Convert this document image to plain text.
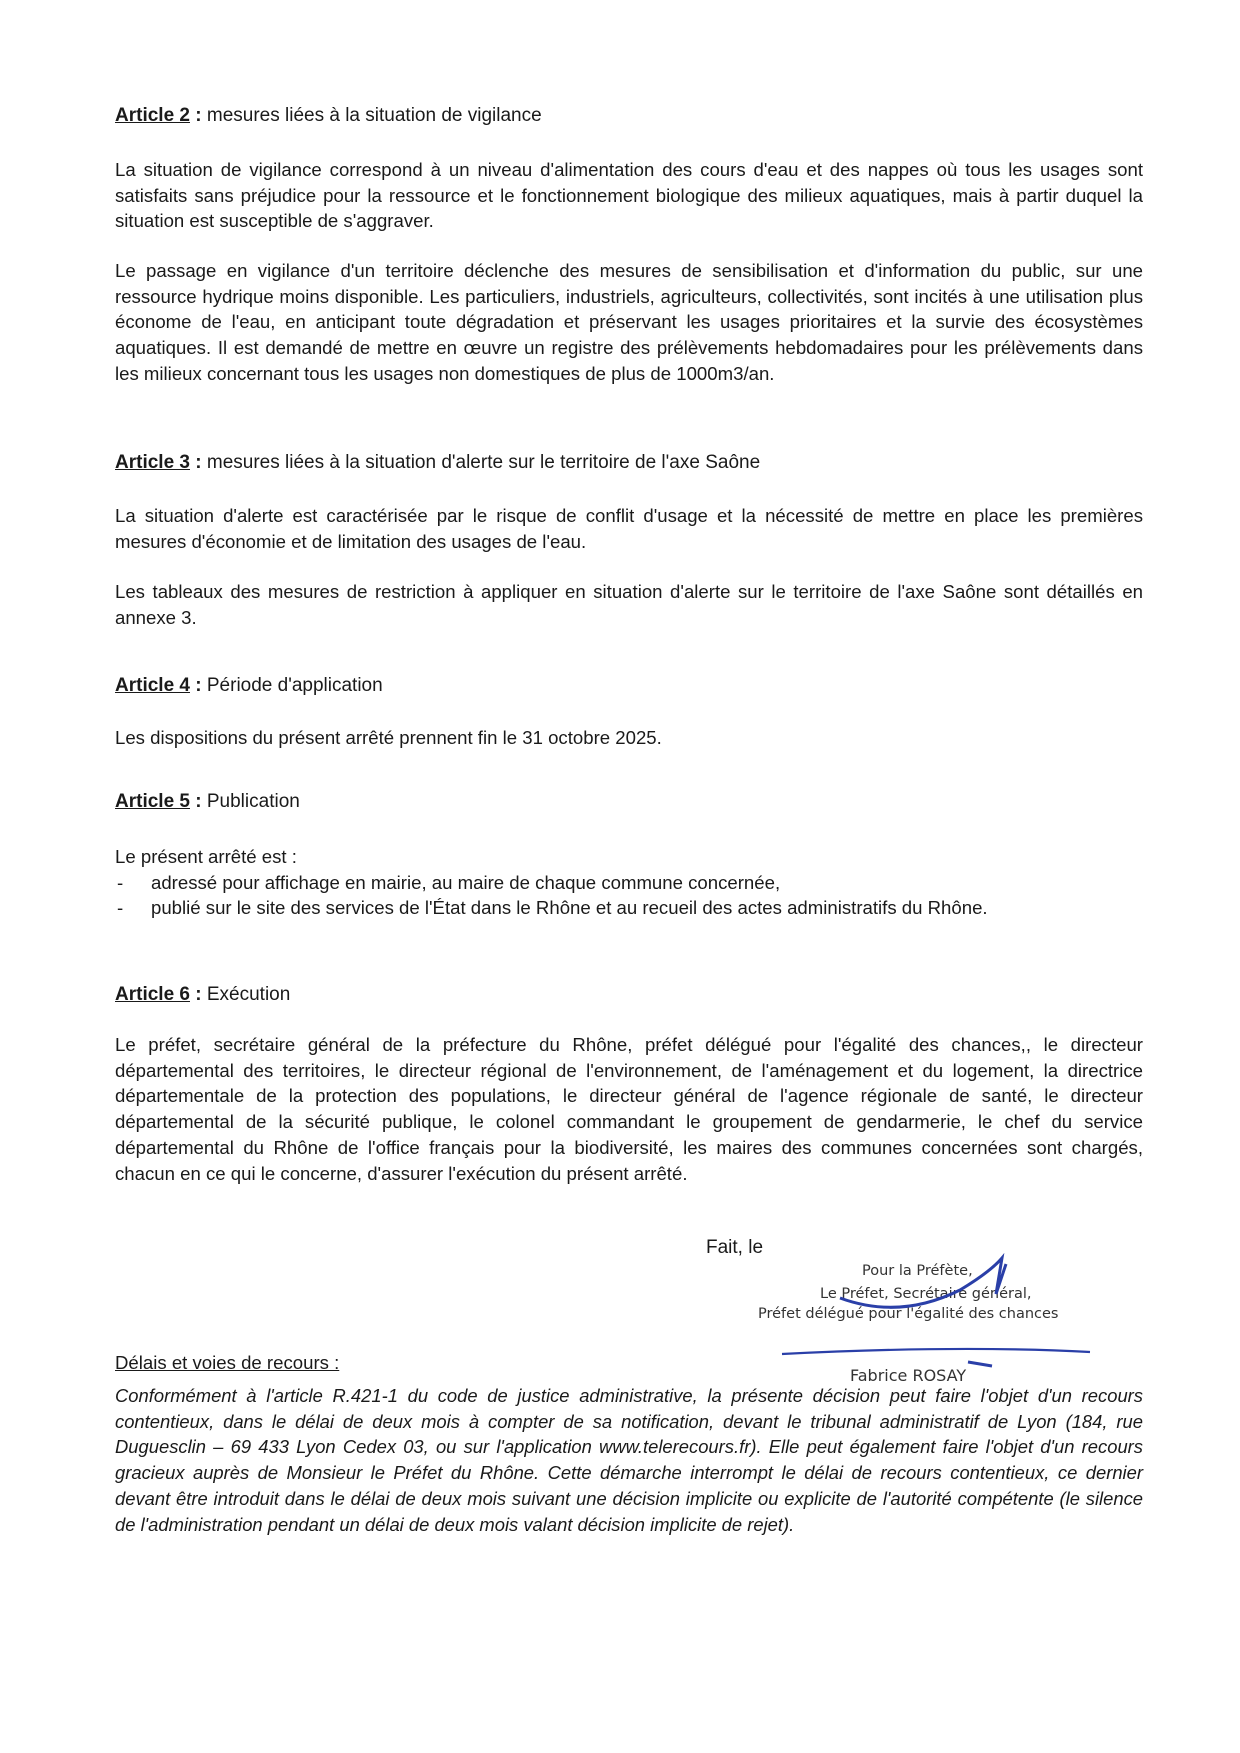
Article 2 : mesures liées à la situation de vigilance

La situation de vigilance correspond à un niveau d'alimentation des cours d'eau et des nappes où tous les usages sont satisfaits sans préjudice pour la ressource et le fonctionnement biologique des milieux aquatiques, mais à partir duquel la situation est susceptible de s'aggraver.

Le passage en vigilance d'un territoire déclenche des mesures de sensibilisation et d'information du public, sur une ressource hydrique moins disponible. Les particuliers, industriels, agriculteurs, collectivités, sont incités à une utilisation plus économe de l'eau, en anticipant toute dégradation et préservant les usages prioritaires et la survie des écosystèmes aquatiques. Il est demandé de mettre en œuvre un registre des prélèvements hebdomadaires pour les prélèvements dans les milieux concernant tous les usages non domestiques de plus de 1000m3/an.

Article 3 : mesures liées à la situation d'alerte sur le territoire de l'axe Saône

La situation d'alerte est caractérisée par le risque de conflit d'usage et la nécessité de mettre en place les premières mesures d'économie et de limitation des usages de l'eau.

Les tableaux des mesures de restriction à appliquer en situation d'alerte sur le territoire de l'axe Saône sont détaillés en annexe 3.

Article 4 : Période d'application

Les dispositions du présent arrêté prennent fin le 31 octobre 2025.

Article 5 : Publication
Le présent arrêté est :
- adressé pour affichage en mairie, au maire de chaque commune concernée,
- publié sur le site des services de l'État dans le Rhône et au recueil des actes administratifs du Rhône.
Article 6 : Exécution

Le préfet, secrétaire général de la préfecture du Rhône, préfet délégué pour l'égalité des chances,, le directeur départemental des territoires, le directeur régional de l'environnement, de l'aménagement et du logement, la directrice départementale de la protection des populations, le directeur général de l'agence régionale de santé, le directeur départemental de la sécurité publique, le colonel commandant le groupement de gendarmerie, le chef du service départemental du Rhône de l'office français pour la biodiversité, les maires des communes concernées sont chargés, chacun en ce qui le concerne, d'assurer l'exécution du présent arrêté.

Fait, le
Pour la Préfète,
Le Préfet, Secrétaire général,
Préfet délégué pour l'égalité des chances
Fabrice ROSAY
Délais et voies de recours :

Conformément à l'article R.421-1 du code de justice administrative, la présente décision peut faire l'objet d'un recours contentieux, dans le délai de deux mois à compter de sa notification, devant le tribunal administratif de Lyon (184, rue Duguesclin – 69 433 Lyon Cedex 03, ou sur l'application www.telerecours.fr). Elle peut également faire l'objet d'un recours gracieux auprès de Monsieur le Préfet du Rhône. Cette démarche interrompt le délai de recours contentieux, ce dernier devant être introduit dans le délai de deux mois suivant une décision implicite ou explicite de l'autorité compétente (le silence de l'administration pendant un délai de deux mois valant décision implicite de rejet).
